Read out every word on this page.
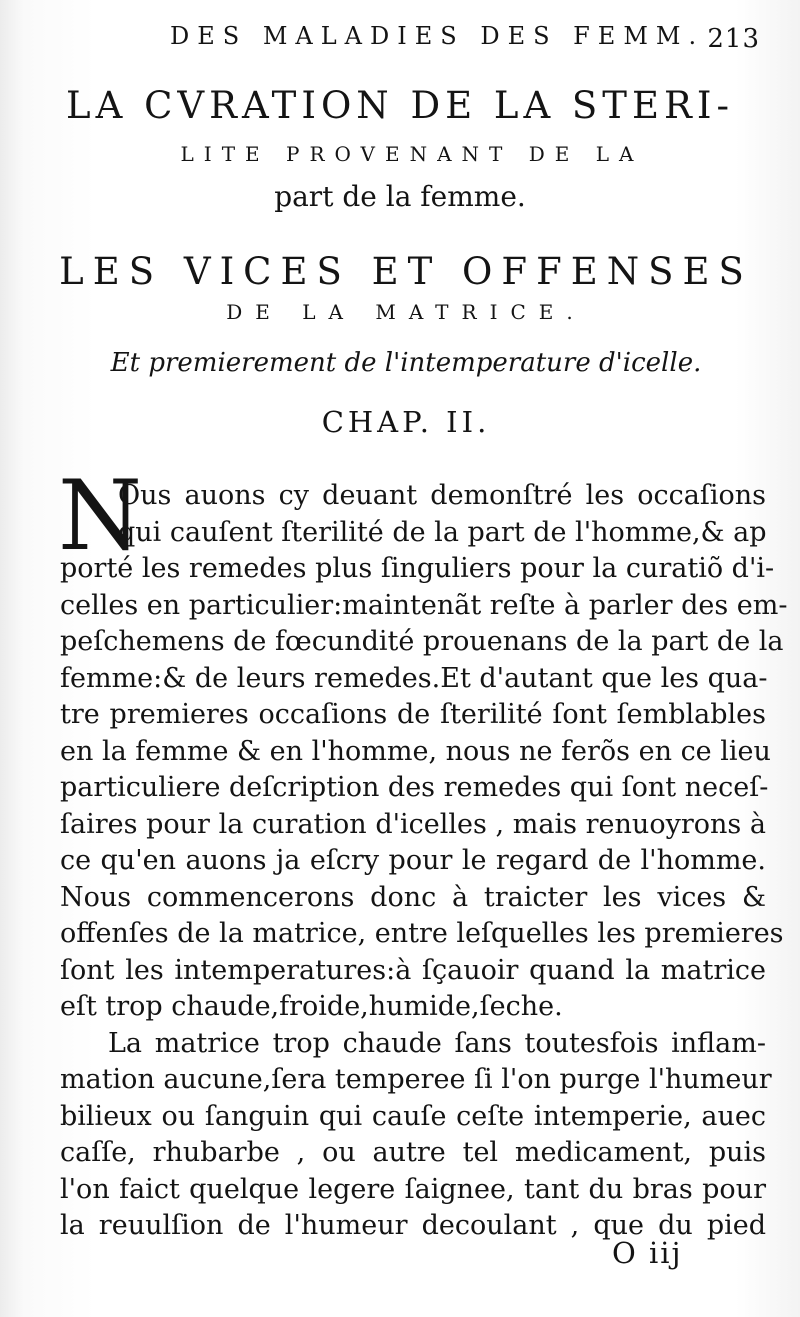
DES MALADIES DES FEMM. 213
LA CVRATION DE LA STERI-
LITE PROVENANT DE LA
part de la femme.
LES VICES ET OFFENSES
DE LA MATRICE.
Et premierement de l'intemperature d'icelle.
CHAP. II.
N
Ous auons cy deuant demonſtré les occaſions
qui cauſent ſterilité de la part de l'homme,& ap
porté les remedes plus ſinguliers pour la curatiõ d'i-
celles en particulier:maintenãt reſte à parler des em-
peſchemens de fœcundité prouenans de la part de la
femme:& de leurs remedes.Et d'autant que les qua-
tre premieres occaſions de ſterilité ſont ſemblables
en la femme & en l'homme, nous ne ferõs en ce lieu
particuliere deſcription des remedes qui ſont neceſ-
ſaires pour la curation d'icelles , mais renuoyrons à
ce qu'en auons ja eſcry pour le regard de l'homme.
Nous commencerons donc à traicter les vices &
offenſes de la matrice, entre leſquelles les premieres
ſont les intemperatures:à ſçauoir quand la matrice
eſt trop chaude,froide,humide,ſeche.
La matrice trop chaude ſans toutesfois inflam-
mation aucune,ſera temperee ſi l'on purge l'humeur
bilieux ou ſanguin qui cauſe ceſte intemperie, auec
caſſe, rhubarbe , ou autre tel medicament, puis
l'on faict quelque legere ſaignee, tant du bras pour
la reuulſion de l'humeur decoulant , que du pied
O iij
